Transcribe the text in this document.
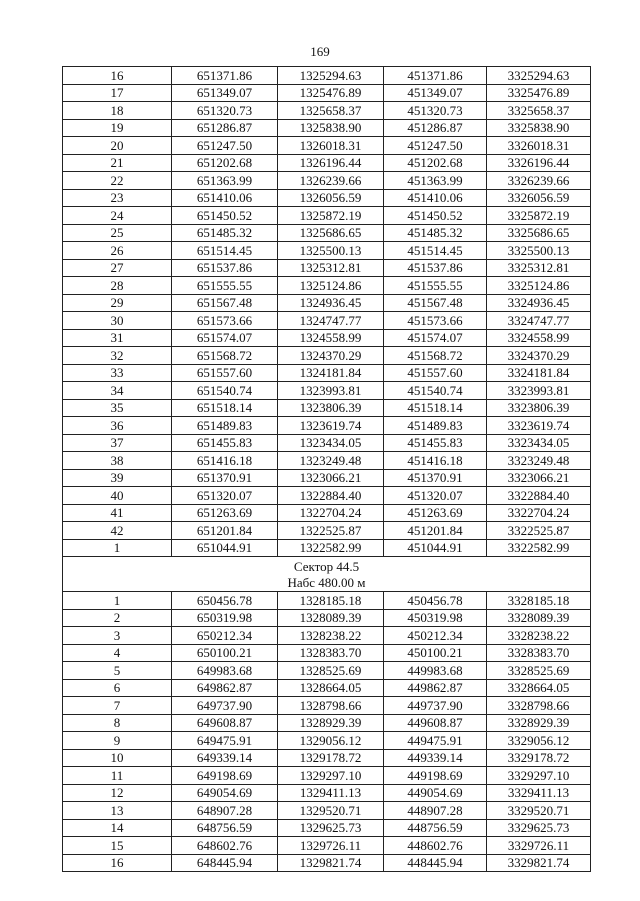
169
16	651371.86	1325294.63	451371.86	3325294.63
17	651349.07	1325476.89	451349.07	3325476.89
18	651320.73	1325658.37	451320.73	3325658.37
19	651286.87	1325838.90	451286.87	3325838.90
20	651247.50	1326018.31	451247.50	3326018.31
21	651202.68	1326196.44	451202.68	3326196.44
22	651363.99	1326239.66	451363.99	3326239.66
23	651410.06	1326056.59	451410.06	3326056.59
24	651450.52	1325872.19	451450.52	3325872.19
25	651485.32	1325686.65	451485.32	3325686.65
26	651514.45	1325500.13	451514.45	3325500.13
27	651537.86	1325312.81	451537.86	3325312.81
28	651555.55	1325124.86	451555.55	3325124.86
29	651567.48	1324936.45	451567.48	3324936.45
30	651573.66	1324747.77	451573.66	3324747.77
31	651574.07	1324558.99	451574.07	3324558.99
32	651568.72	1324370.29	451568.72	3324370.29
33	651557.60	1324181.84	451557.60	3324181.84
34	651540.74	1323993.81	451540.74	3323993.81
35	651518.14	1323806.39	451518.14	3323806.39
36	651489.83	1323619.74	451489.83	3323619.74
37	651455.83	1323434.05	451455.83	3323434.05
38	651416.18	1323249.48	451416.18	3323249.48
39	651370.91	1323066.21	451370.91	3323066.21
40	651320.07	1322884.40	451320.07	3322884.40
41	651263.69	1322704.24	451263.69	3322704.24
42	651201.84	1322525.87	451201.84	3322525.87
1	651044.91	1322582.99	451044.91	3322582.99

Сектор 44.5
Набс 480.00 м				

1	650456.78	1328185.18	450456.78	3328185.18
2	650319.98	1328089.39	450319.98	3328089.39
3	650212.34	1328238.22	450212.34	3328238.22
4	650100.21	1328383.70	450100.21	3328383.70
5	649983.68	1328525.69	449983.68	3328525.69
6	649862.87	1328664.05	449862.87	3328664.05
7	649737.90	1328798.66	449737.90	3328798.66
8	649608.87	1328929.39	449608.87	3328929.39
9	649475.91	1329056.12	449475.91	3329056.12
10	649339.14	1329178.72	449339.14	3329178.72
11	649198.69	1329297.10	449198.69	3329297.10
12	649054.69	1329411.13	449054.69	3329411.13
13	648907.28	1329520.71	448907.28	3329520.71
14	648756.59	1329625.73	448756.59	3329625.73
15	648602.76	1329726.11	448602.76	3329726.11
16	648445.94	1329821.74	448445.94	3329821.74
